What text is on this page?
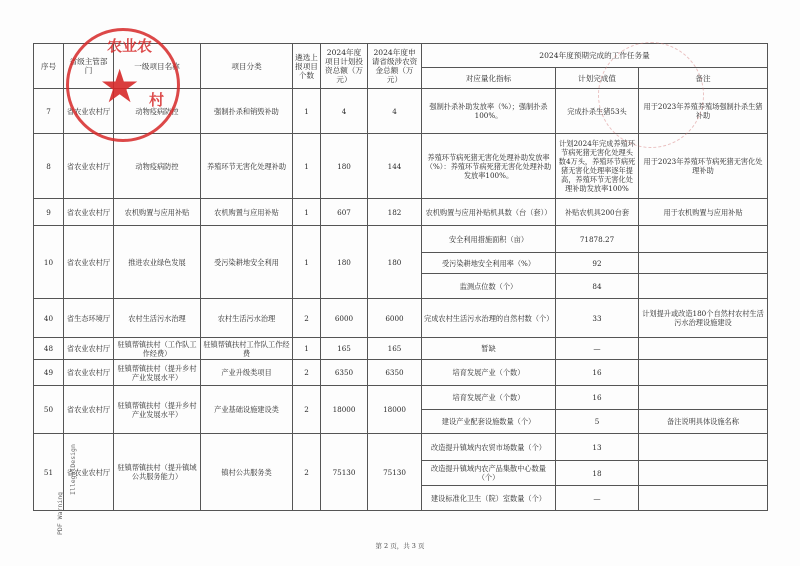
序号	省级主管部门	一级项目名称	项目分类	遴选上报项目个数	2024年度项目计划投资总额（万元）	2024年度申请省级涉农资金总额（万元）	2024年度预期完成的工作任务量		
							对应量化指标	计划完成值	备注
7	省农业农村厅	动物疫病防控	强制扑杀和销毁补助	1	4	4	强制扑杀补助发放率（%）；强制扑杀100%。	完成扑杀生猪53头	用于2023年养殖养殖场强制扑杀生猪补助
8	省农业农村厅	动物疫病防控	养殖环节无害化处理补助	1	180	144	养殖环节病死猪无害化处理补助发放率（%）：养殖环节病死猪无害化处理补助发放率100%。	计划2024年完成养殖环节病死猪无害化处理头数4万头，养殖环节病死猪无害化处理率逐年提高，养殖环节无害化处理补助发放率100%	用于2023年养殖环节病死猪无害化处理补助
9	省农业农村厅	农机购置与应用补贴	农机购置与应用补贴	1	607	182	农机购置与应用补贴机具数（台（套））	补贴农机具200台套	用于农机购置与应用补贴
10	省农业农村厅	推进农业绿色发展	受污染耕地安全利用	1	180	180	安全利用措施面积（亩）	71878.27	
							受污染耕地安全利用率（%）	92	
							监测点位数（个）	84	
40	省生态环境厅	农村生活污水治理	农村生活污水治理	2	6000	6000	完成农村生活污水治理的自然村数（个）	33	计划提升或改造180个自然村农村生活污水治理设施建设
48	省农业农村厅	驻镇帮镇扶村（工作队工作经费）	驻镇帮镇扶村工作队工作经费	1	165	165	暂缺	—	
49	省农业农村厅	驻镇帮镇扶村（提升乡村产业发展水平）	产业升级类项目	2	6350	6350	培育发展产业（个数）	16	
50	省农业农村厅	驻镇帮镇扶村（提升乡村产业发展水平）	产业基础设施建设类	2	18000	18000	培育发展产业（个数）	16	
							建设产业配套设施数量（个）	5	备注说明具体设施名称
51	省农业农村厅	驻镇帮镇扶村（提升镇域公共服务能力）	镇村公共服务类	2	75130	75130	改造提升镇域内农贸市场数量（个）	13	
							改造提升镇域内农产品集散中心数量（个）	18	
							建设标准化卫生（院）室数量（个）	—	
★
农业农
村
PDF Warning
IllegalDesign
第 2 页，共 3 页
